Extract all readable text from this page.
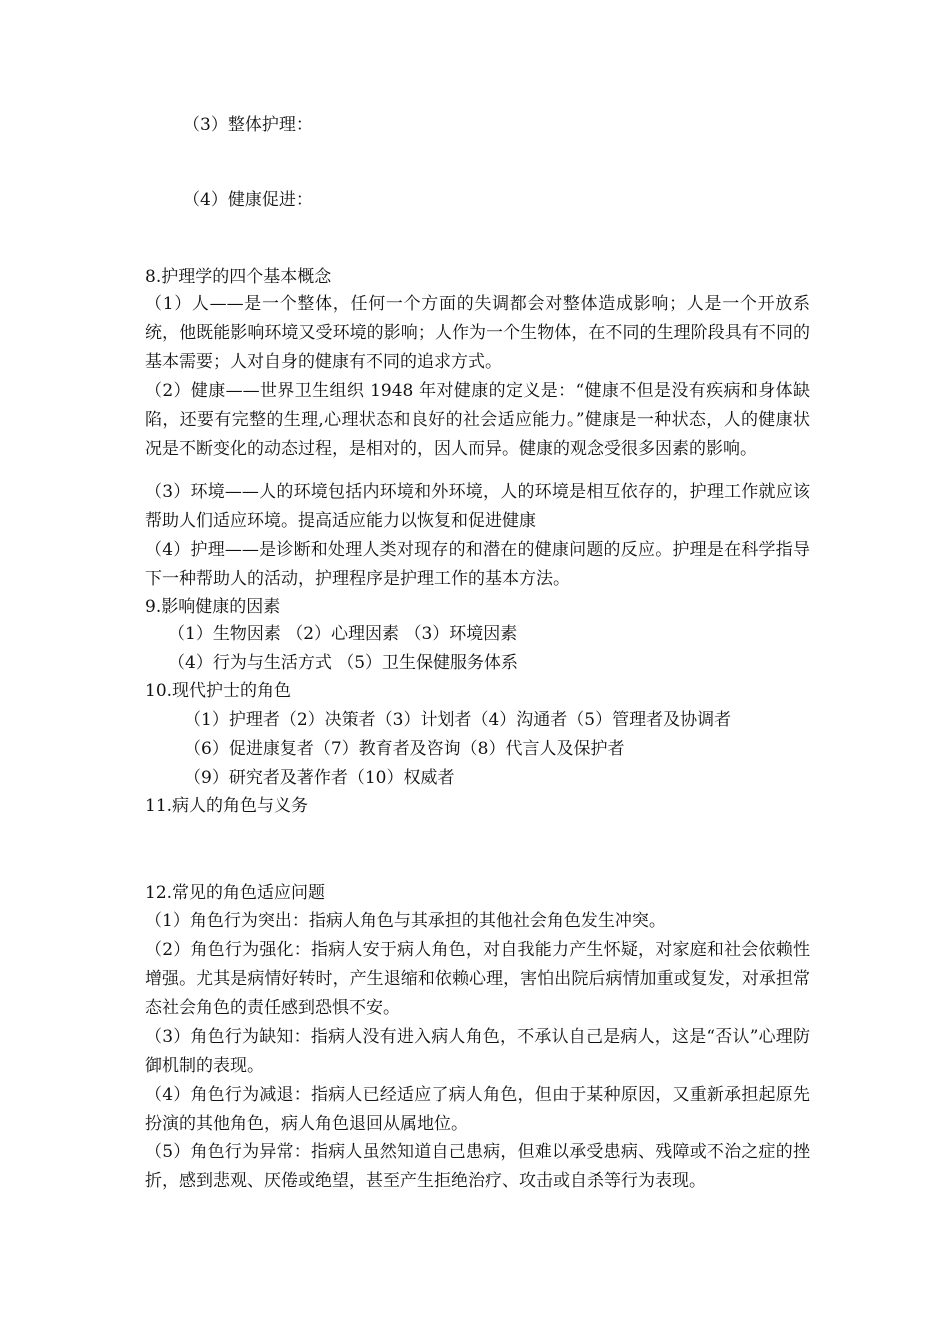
（3）整体护理：
（4）健康促进：
8.护理学的四个基本概念
（1）人——是一个整体，任何一个方面的失调都会对整体造成影响；人是一个开放系统，他既能影响环境又受环境的影响；人作为一个生物体，在不同的生理阶段具有不同的基本需要；人对自身的健康有不同的追求方式。
（2）健康——世界卫生组织 1948 年对健康的定义是：“健康不但是没有疾病和身体缺陷，还要有完整的生理,心理状态和良好的社会适应能力。”健康是一种状态，人的健康状况是不断变化的动态过程，是相对的，因人而异。健康的观念受很多因素的影响。
（3）环境——人的环境包括内环境和外环境，人的环境是相互依存的，护理工作就应该帮助人们适应环境。提高适应能力以恢复和促进健康
（4）护理——是诊断和处理人类对现存的和潜在的健康问题的反应。护理是在科学指导下一种帮助人的活动，护理程序是护理工作的基本方法。
9.影响健康的因素
（1）生物因素 （2）心理因素 （3）环境因素
（4）行为与生活方式 （5）卫生保健服务体系
10.现代护士的角色
（1）护理者（2）决策者（3）计划者（4）沟通者（5）管理者及协调者
（6）促进康复者（7）教育者及咨询（8）代言人及保护者
（9）研究者及著作者（10）权威者
11.病人的角色与义务
12.常见的角色适应问题
（1）角色行为突出：指病人角色与其承担的其他社会角色发生冲突。
（2）角色行为强化：指病人安于病人角色，对自我能力产生怀疑，对家庭和社会依赖性增强。尤其是病情好转时，产生退缩和依赖心理，害怕出院后病情加重或复发，对承担常态社会角色的责任感到恐惧不安。
（3）角色行为缺知：指病人没有进入病人角色，不承认自己是病人，这是“否认”心理防御机制的表现。
（4）角色行为减退：指病人已经适应了病人角色，但由于某种原因，又重新承担起原先扮演的其他角色，病人角色退回从属地位。
（5）角色行为异常：指病人虽然知道自己患病，但难以承受患病、残障或不治之症的挫折，感到悲观、厌倦或绝望，甚至产生拒绝治疗、攻击或自杀等行为表现。
